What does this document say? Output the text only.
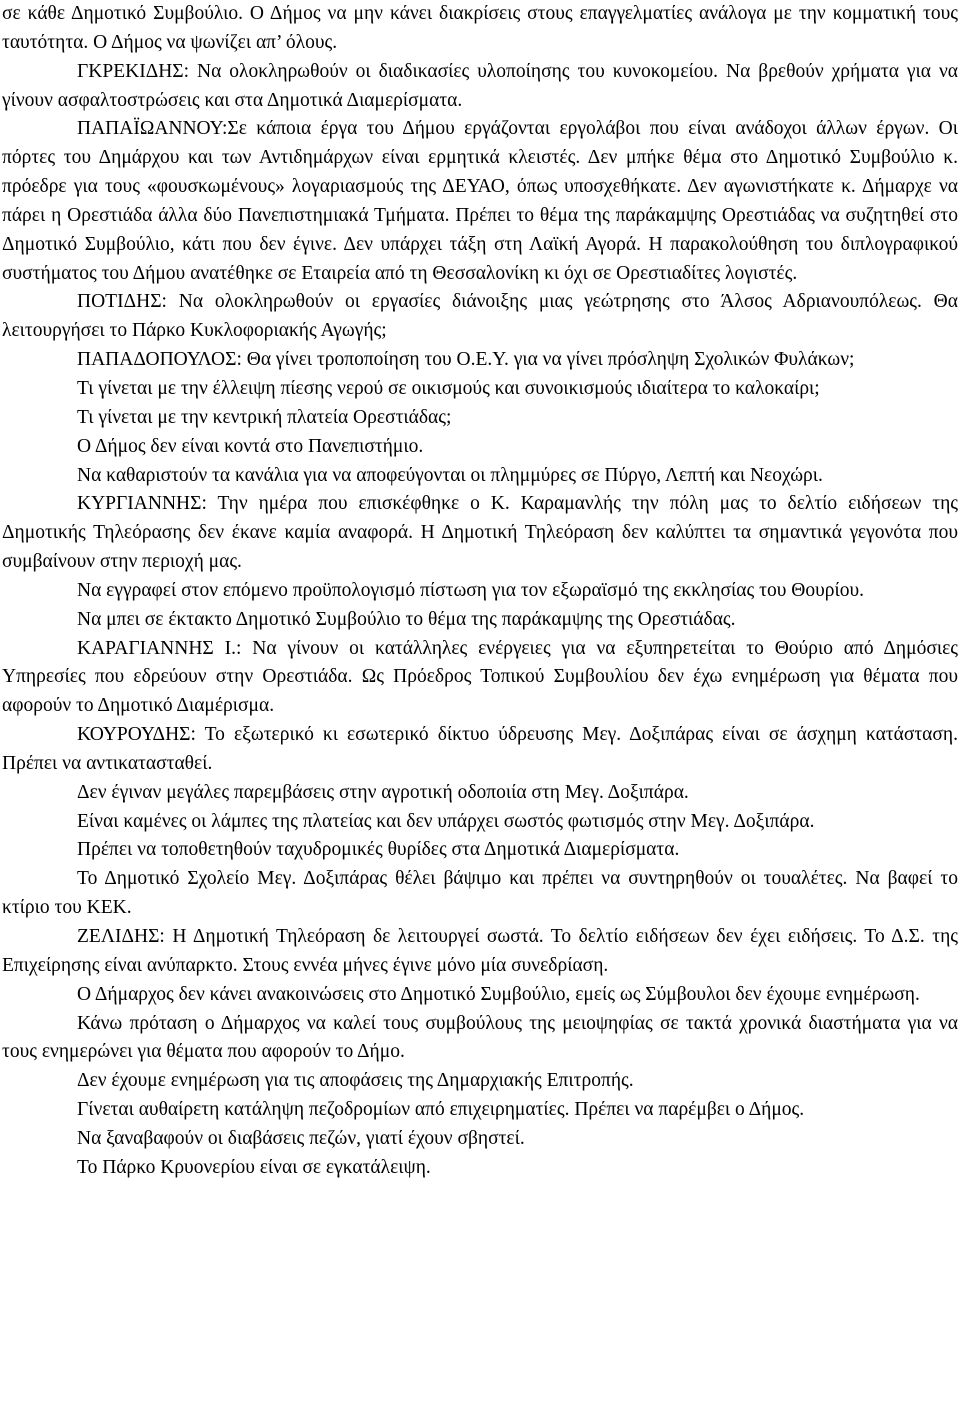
σε κάθε Δημοτικό Συμβούλιο. Ο Δήμος να μην κάνει διακρίσεις στους επαγγελματίες ανάλογα με την κομματική τους ταυτότητα. Ο Δήμος να ψωνίζει απ’ όλους.

ΓΚΡΕΚΙΔΗΣ: Να ολοκληρωθούν οι διαδικασίες υλοποίησης του κυνοκομείου. Να βρεθούν χρήματα για να γίνουν ασφαλτοστρώσεις και στα Δημοτικά Διαμερίσματα.

ΠΑΠΑΪΩΑΝΝΟΥ:Σε κάποια έργα του Δήμου εργάζονται εργολάβοι που είναι ανάδοχοι άλλων έργων. Οι πόρτες του Δημάρχου και των Αντιδημάρχων είναι ερμητικά κλειστές. Δεν μπήκε θέμα στο Δημοτικό Συμβούλιο κ. πρόεδρε για τους «φουσκωμένους» λογαριασμούς της ΔΕΥΑΟ, όπως υποσχεθήκατε. Δεν αγωνιστήκατε κ. Δήμαρχε να πάρει η Ορεστιάδα άλλα δύο Πανεπιστημιακά Τμήματα. Πρέπει το θέμα της παράκαμψης Ορεστιάδας να συζητηθεί στο Δημοτικό Συμβούλιο, κάτι που δεν έγινε. Δεν υπάρχει τάξη στη Λαϊκή Αγορά. Η παρακολούθηση του διπλογραφικού συστήματος του Δήμου ανατέθηκε σε Εταιρεία από τη Θεσσαλονίκη κι όχι σε Ορεστιαδίτες λογιστές.

ΠΟΤΙΔΗΣ: Να ολοκληρωθούν οι εργασίες διάνοιξης μιας γεώτρησης στο Άλσος Αδριανουπόλεως. Θα λειτουργήσει το Πάρκο Κυκλοφοριακής Αγωγής;

ΠΑΠΑΔΟΠΟΥΛΟΣ: Θα γίνει τροποποίηση του Ο.Ε.Υ. για να γίνει πρόσληψη Σχολικών Φυλάκων;

Τι γίνεται με την έλλειψη πίεσης νερού σε οικισμούς και συνοικισμούς ιδιαίτερα το καλοκαίρι;

Τι γίνεται με την κεντρική πλατεία Ορεστιάδας;

Ο Δήμος δεν είναι κοντά στο Πανεπιστήμιο.

Να καθαριστούν τα κανάλια για να αποφεύγονται οι πλημμύρες σε Πύργο, Λεπτή και Νεοχώρι.

ΚΥΡΓΙΑΝΝΗΣ: Την ημέρα που επισκέφθηκε ο Κ. Καραμανλής την πόλη μας το δελτίο ειδήσεων της Δημοτικής Τηλεόρασης δεν έκανε καμία αναφορά. Η Δημοτική Τηλεόραση δεν καλύπτει τα σημαντικά γεγονότα που συμβαίνουν στην περιοχή μας.

Να εγγραφεί στον επόμενο προϋπολογισμό πίστωση για τον εξωραϊσμό της εκκλησίας του Θουρίου.

Να μπει σε έκτακτο Δημοτικό Συμβούλιο το θέμα της παράκαμψης της Ορεστιάδας.

ΚΑΡΑΓΙΑΝΝΗΣ Ι.: Να γίνουν οι κατάλληλες ενέργειες για να εξυπηρετείται το Θούριο από Δημόσιες Υπηρεσίες που εδρεύουν στην Ορεστιάδα. Ως Πρόεδρος Τοπικού Συμβουλίου δεν έχω ενημέρωση για θέματα που αφορούν το Δημοτικό Διαμέρισμα.

ΚΟΥΡΟΥΔΗΣ: Το εξωτερικό κι εσωτερικό δίκτυο ύδρευσης Μεγ. Δοξιπάρας είναι σε άσχημη κατάσταση. Πρέπει να αντικατασταθεί.

Δεν έγιναν μεγάλες παρεμβάσεις στην αγροτική οδοποιία στη Μεγ. Δοξιπάρα.

Είναι καμένες οι λάμπες της πλατείας και δεν υπάρχει σωστός φωτισμός στην Μεγ. Δοξιπάρα.

Πρέπει να τοποθετηθούν ταχυδρομικές θυρίδες στα Δημοτικά Διαμερίσματα.

Το Δημοτικό Σχολείο Μεγ. Δοξιπάρας θέλει βάψιμο και πρέπει να συντηρηθούν οι τουαλέτες. Να βαφεί το κτίριο του ΚΕΚ.

ΖΕΛΙΔΗΣ: Η Δημοτική Τηλεόραση δε λειτουργεί σωστά. Το δελτίο ειδήσεων δεν έχει ειδήσεις. Το Δ.Σ. της Επιχείρησης είναι ανύπαρκτο. Στους εννέα μήνες έγινε μόνο μία συνεδρίαση.

Ο Δήμαρχος δεν κάνει ανακοινώσεις στο Δημοτικό Συμβούλιο, εμείς ως Σύμβουλοι δεν έχουμε ενημέρωση.

Κάνω πρόταση ο Δήμαρχος να καλεί τους συμβούλους της μειοψηφίας σε τακτά χρονικά διαστήματα για να τους ενημερώνει για θέματα που αφορούν το Δήμο.

Δεν έχουμε ενημέρωση για τις αποφάσεις της Δημαρχιακής Επιτροπής.

Γίνεται αυθαίρετη κατάληψη πεζοδρομίων από επιχειρηματίες. Πρέπει να παρέμβει ο Δήμος.

Να ξαναβαφούν οι διαβάσεις πεζών, γιατί έχουν σβηστεί.

Το Πάρκο Κρυονερίου είναι σε εγκατάλειψη.
